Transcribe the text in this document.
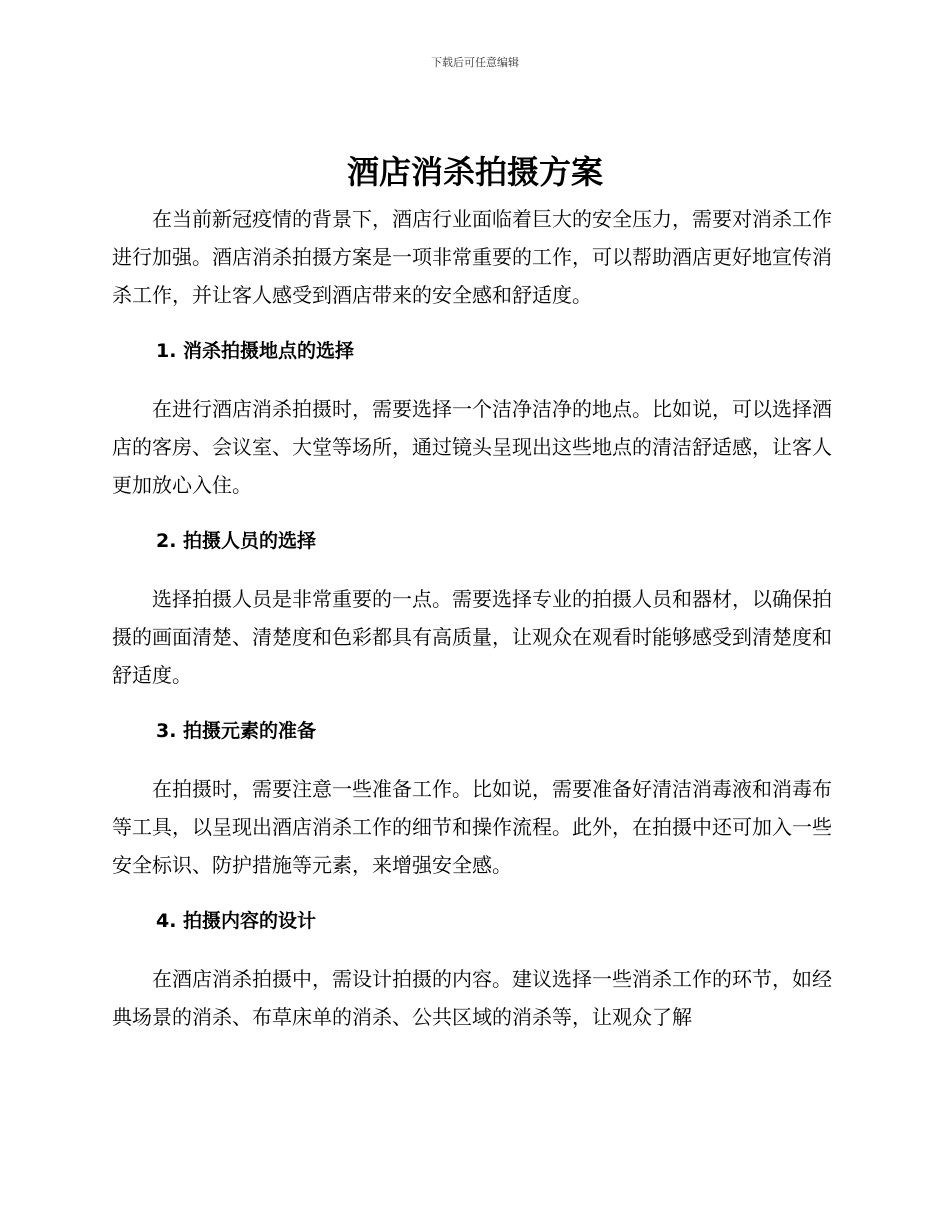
下载后可任意编辑
酒店消杀拍摄方案

在当前新冠疫情的背景下，酒店行业面临着巨大的安全压力，需要对消杀工作进行加强。酒店消杀拍摄方案是一项非常重要的工作，可以帮助酒店更好地宣传消杀工作，并让客人感受到酒店带来的安全感和舒适度。

1. 消杀拍摄地点的选择

在进行酒店消杀拍摄时，需要选择一个洁净洁净的地点。比如说，可以选择酒店的客房、会议室、大堂等场所，通过镜头呈现出这些地点的清洁舒适感，让客人更加放心入住。

2. 拍摄人员的选择

选择拍摄人员是非常重要的一点。需要选择专业的拍摄人员和器材，以确保拍摄的画面清楚、清楚度和色彩都具有高质量，让观众在观看时能够感受到清楚度和舒适度。

3. 拍摄元素的准备

在拍摄时，需要注意一些准备工作。比如说，需要准备好清洁消毒液和消毒布等工具，以呈现出酒店消杀工作的细节和操作流程。此外，在拍摄中还可加入一些安全标识、防护措施等元素，来增强安全感。

4. 拍摄内容的设计

在酒店消杀拍摄中，需设计拍摄的内容。建议选择一些消杀工作的环节，如经典场景的消杀、布草床单的消杀、公共区域的消杀等，让观众了解
